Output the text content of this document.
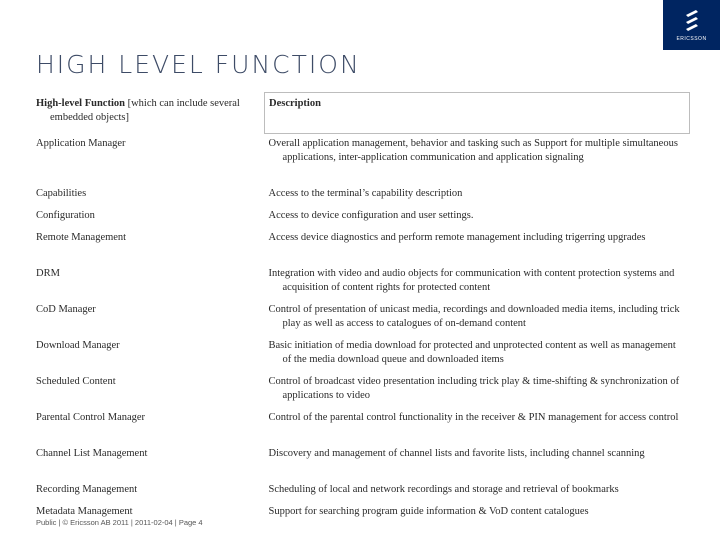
ERICSSON
HIGH LEVEL FUNCTION
High-level Function [which can include several embedded objects]	Description
Application Manager	Overall application management, behavior and tasking such as Support for multiple simultaneous applications, inter-application communication and application signaling

Capabilities	Access to the terminal’s capability description

Configuration	Access to device configuration and user settings.

Remote Management	Access device diagnostics and perform remote management including trigerring upgrades

DRM	Integration with video and audio objects for communication with content protection systems and acquisition of content rights for protected content

CoD Manager	Control of presentation of unicast media, recordings and downloaded media items, including trick play as well as access to catalogues of on-demand content

Download Manager	Basic initiation of media download for protected and unprotected content as well as management of the media download queue and downloaded items

Scheduled Content	Control of broadcast video presentation including trick play & time-shifting & synchronization of applications to video

Parental Control Manager	Control of the parental control functionality in the receiver & PIN management for access control

Channel List Management	Discovery and management of channel lists and favorite lists, including channel scanning

Recording Management	Scheduling of local and network recordings and storage and retrieval of bookmarks

Metadata Management	Support for searching program guide information & VoD content catalogues
Public | © Ericsson AB 2011 | 2011-02-04 | Page 4
